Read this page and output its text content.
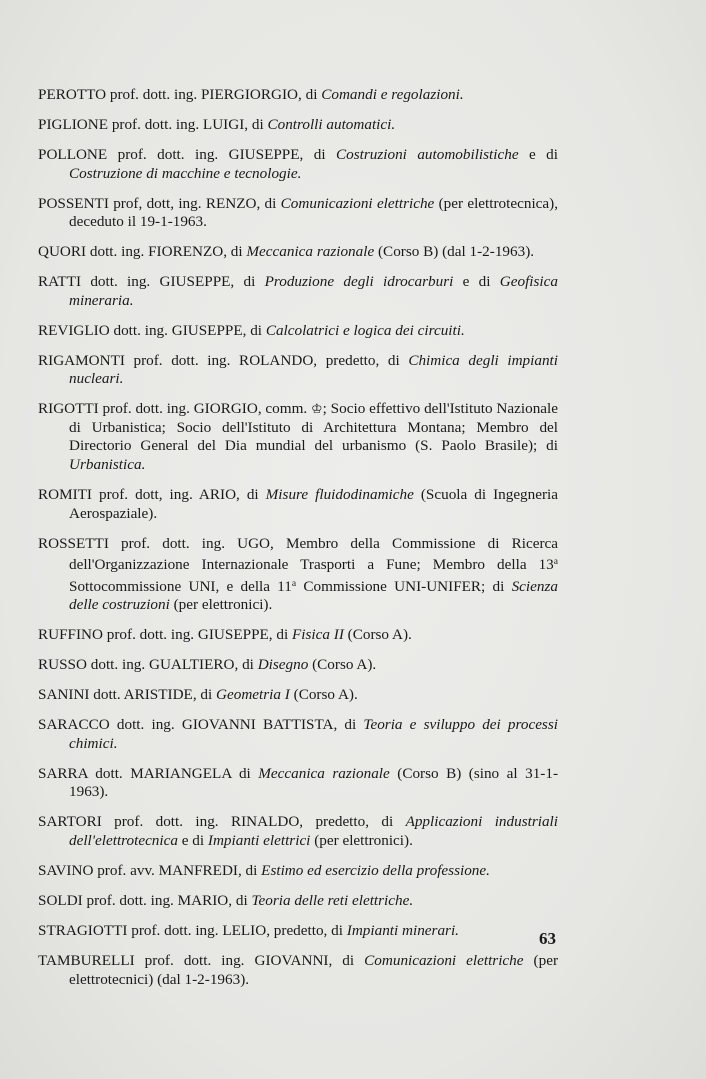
PEROTTO prof. dott. ing. PIERGIORGIO, di Comandi e regolazioni.

PIGLIONE prof. dott. ing. LUIGI, di Controlli automatici.

POLLONE prof. dott. ing. GIUSEPPE, di Costruzioni automobilistiche e di Costruzione di macchine e tecnologie.

POSSENTI prof, dott, ing. RENZO, di Comunicazioni elettriche (per elettrotecnica), deceduto il 19-1-1963.

QUORI dott. ing. FIORENZO, di Meccanica razionale (Corso B) (dal 1-2-1963).

RATTI dott. ing. GIUSEPPE, di Produzione degli idrocarburi e di Geofisica mineraria.

REVIGLIO dott. ing. GIUSEPPE, di Calcolatrici e logica dei circuiti.

RIGAMONTI prof. dott. ing. ROLANDO, predetto, di Chimica degli impianti nucleari.

RIGOTTI prof. dott. ing. GIORGIO, comm. ♔; Socio effettivo dell'Istituto Nazionale di Urbanistica; Socio dell'Istituto di Architettura Montana; Membro del Directorio General del Dia mundial del urbanismo (S. Paolo Brasile); di Urbanistica.

ROMITI prof. dott, ing. ARIO, di Misure fluidodinamiche (Scuola di Ingegneria Aerospaziale).

ROSSETTI prof. dott. ing. UGO, Membro della Commissione di Ricerca dell'Organizzazione Internazionale Trasporti a Fune; Membro della 13$^a$ Sottocommissione UNI, e della 11$^a$ Commissione UNI-UNIFER; di Scienza delle costruzioni (per elettronici).

RUFFINO prof. dott. ing. GIUSEPPE, di Fisica II (Corso A).

RUSSO dott. ing. GUALTIERO, di Disegno (Corso A).

SANINI dott. ARISTIDE, di Geometria I (Corso A).

SARACCO dott. ing. GIOVANNI BATTISTA, di Teoria e sviluppo dei processi chimici.

SARRA dott. MARIANGELA di Meccanica razionale (Corso B) (sino al 31-1-1963).

SARTORI prof. dott. ing. RINALDO, predetto, di Applicazioni industriali dell'elettrotecnica e di Impianti elettrici (per elettronici).

SAVINO prof. avv. MANFREDI, di Estimo ed esercizio della professione.

SOLDI prof. dott. ing. MARIO, di Teoria delle reti elettriche.

STRAGIOTTI prof. dott. ing. LELIO, predetto, di Impianti minerari.

TAMBURELLI prof. dott. ing. GIOVANNI, di Comunicazioni elettriche (per elettrotecnici) (dal 1-2-1963).

63
